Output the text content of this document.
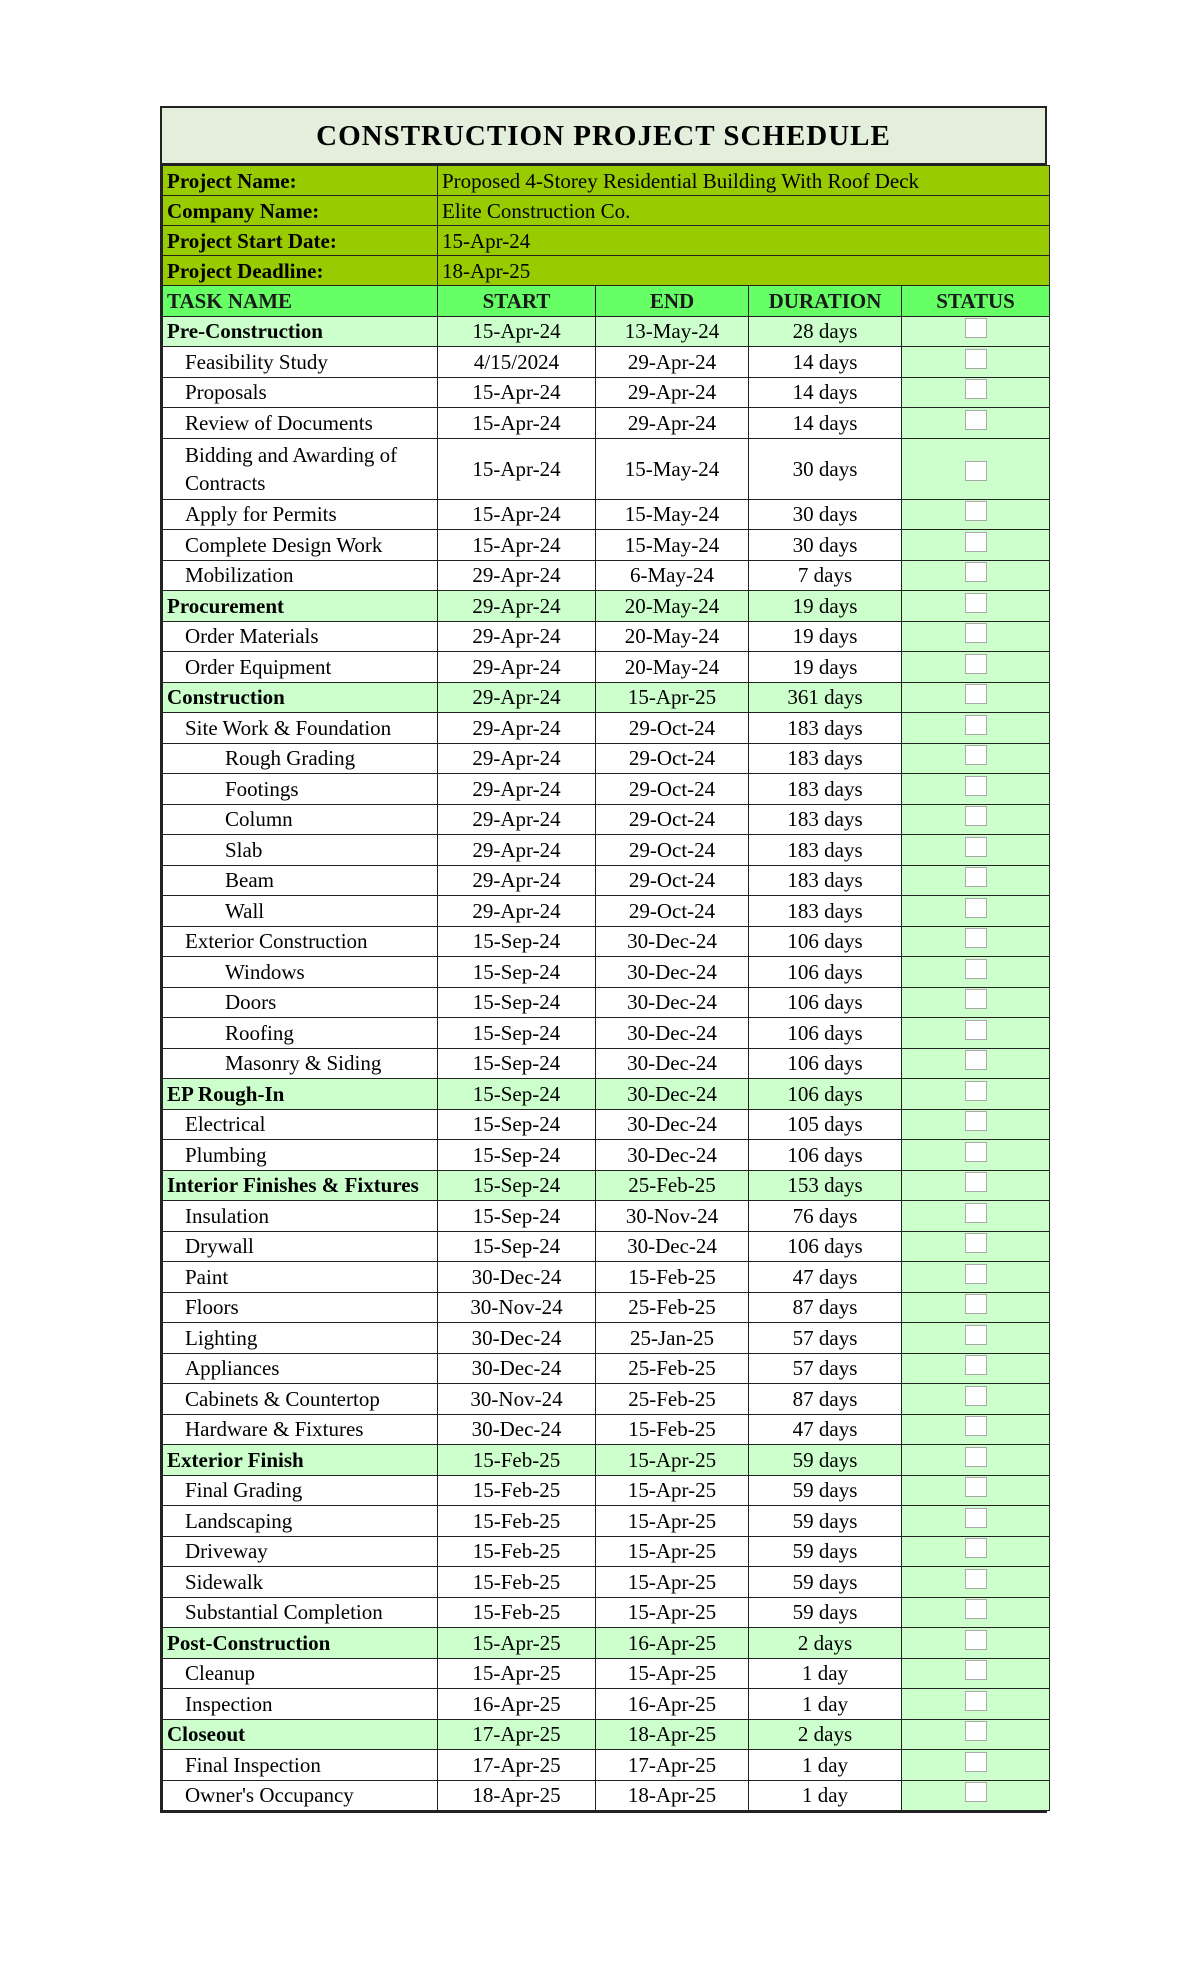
CONSTRUCTION PROJECT SCHEDULE
Project Name:	Proposed 4-Storey Residential Building With Roof Deck			
Company Name:	Elite Construction Co.			
Project Start Date:	15-Apr-24			
Project Deadline:	18-Apr-25			
TASK NAME	START	END	DURATION	STATUS
Pre-Construction	15-Apr-24	13-May-24	28 days	
Feasibility Study	4/15/2024	29-Apr-24	14 days	
Proposals	15-Apr-24	29-Apr-24	14 days	
Review of Documents	15-Apr-24	29-Apr-24	14 days	
Bidding and Awarding of Contracts	15-Apr-24	15-May-24	30 days	
Apply for Permits	15-Apr-24	15-May-24	30 days	
Complete Design Work	15-Apr-24	15-May-24	30 days	
Mobilization	29-Apr-24	6-May-24	7 days	
Procurement	29-Apr-24	20-May-24	19 days	
Order Materials	29-Apr-24	20-May-24	19 days	
Order Equipment	29-Apr-24	20-May-24	19 days	
Construction	29-Apr-24	15-Apr-25	361 days	
Site Work & Foundation	29-Apr-24	29-Oct-24	183 days	
Rough Grading	29-Apr-24	29-Oct-24	183 days	
Footings	29-Apr-24	29-Oct-24	183 days	
Column	29-Apr-24	29-Oct-24	183 days	
Slab	29-Apr-24	29-Oct-24	183 days	
Beam	29-Apr-24	29-Oct-24	183 days	
Wall	29-Apr-24	29-Oct-24	183 days	
Exterior Construction	15-Sep-24	30-Dec-24	106 days	
Windows	15-Sep-24	30-Dec-24	106 days	
Doors	15-Sep-24	30-Dec-24	106 days	
Roofing	15-Sep-24	30-Dec-24	106 days	
Masonry & Siding	15-Sep-24	30-Dec-24	106 days	
EP Rough-In	15-Sep-24	30-Dec-24	106 days	
Electrical	15-Sep-24	30-Dec-24	105 days	
Plumbing	15-Sep-24	30-Dec-24	106 days	
Interior Finishes & Fixtures	15-Sep-24	25-Feb-25	153 days	
Insulation	15-Sep-24	30-Nov-24	76 days	
Drywall	15-Sep-24	30-Dec-24	106 days	
Paint	30-Dec-24	15-Feb-25	47 days	
Floors	30-Nov-24	25-Feb-25	87 days	
Lighting	30-Dec-24	25-Jan-25	57 days	
Appliances	30-Dec-24	25-Feb-25	57 days	
Cabinets & Countertop	30-Nov-24	25-Feb-25	87 days	
Hardware & Fixtures	30-Dec-24	15-Feb-25	47 days	
Exterior Finish	15-Feb-25	15-Apr-25	59 days	
Final Grading	15-Feb-25	15-Apr-25	59 days	
Landscaping	15-Feb-25	15-Apr-25	59 days	
Driveway	15-Feb-25	15-Apr-25	59 days	
Sidewalk	15-Feb-25	15-Apr-25	59 days	
Substantial Completion	15-Feb-25	15-Apr-25	59 days	
Post-Construction	15-Apr-25	16-Apr-25	2 days	
Cleanup	15-Apr-25	15-Apr-25	1 day	
Inspection	16-Apr-25	16-Apr-25	1 day	
Closeout	17-Apr-25	18-Apr-25	2 days	
Final Inspection	17-Apr-25	17-Apr-25	1 day	
Owner's Occupancy	18-Apr-25	18-Apr-25	1 day	
